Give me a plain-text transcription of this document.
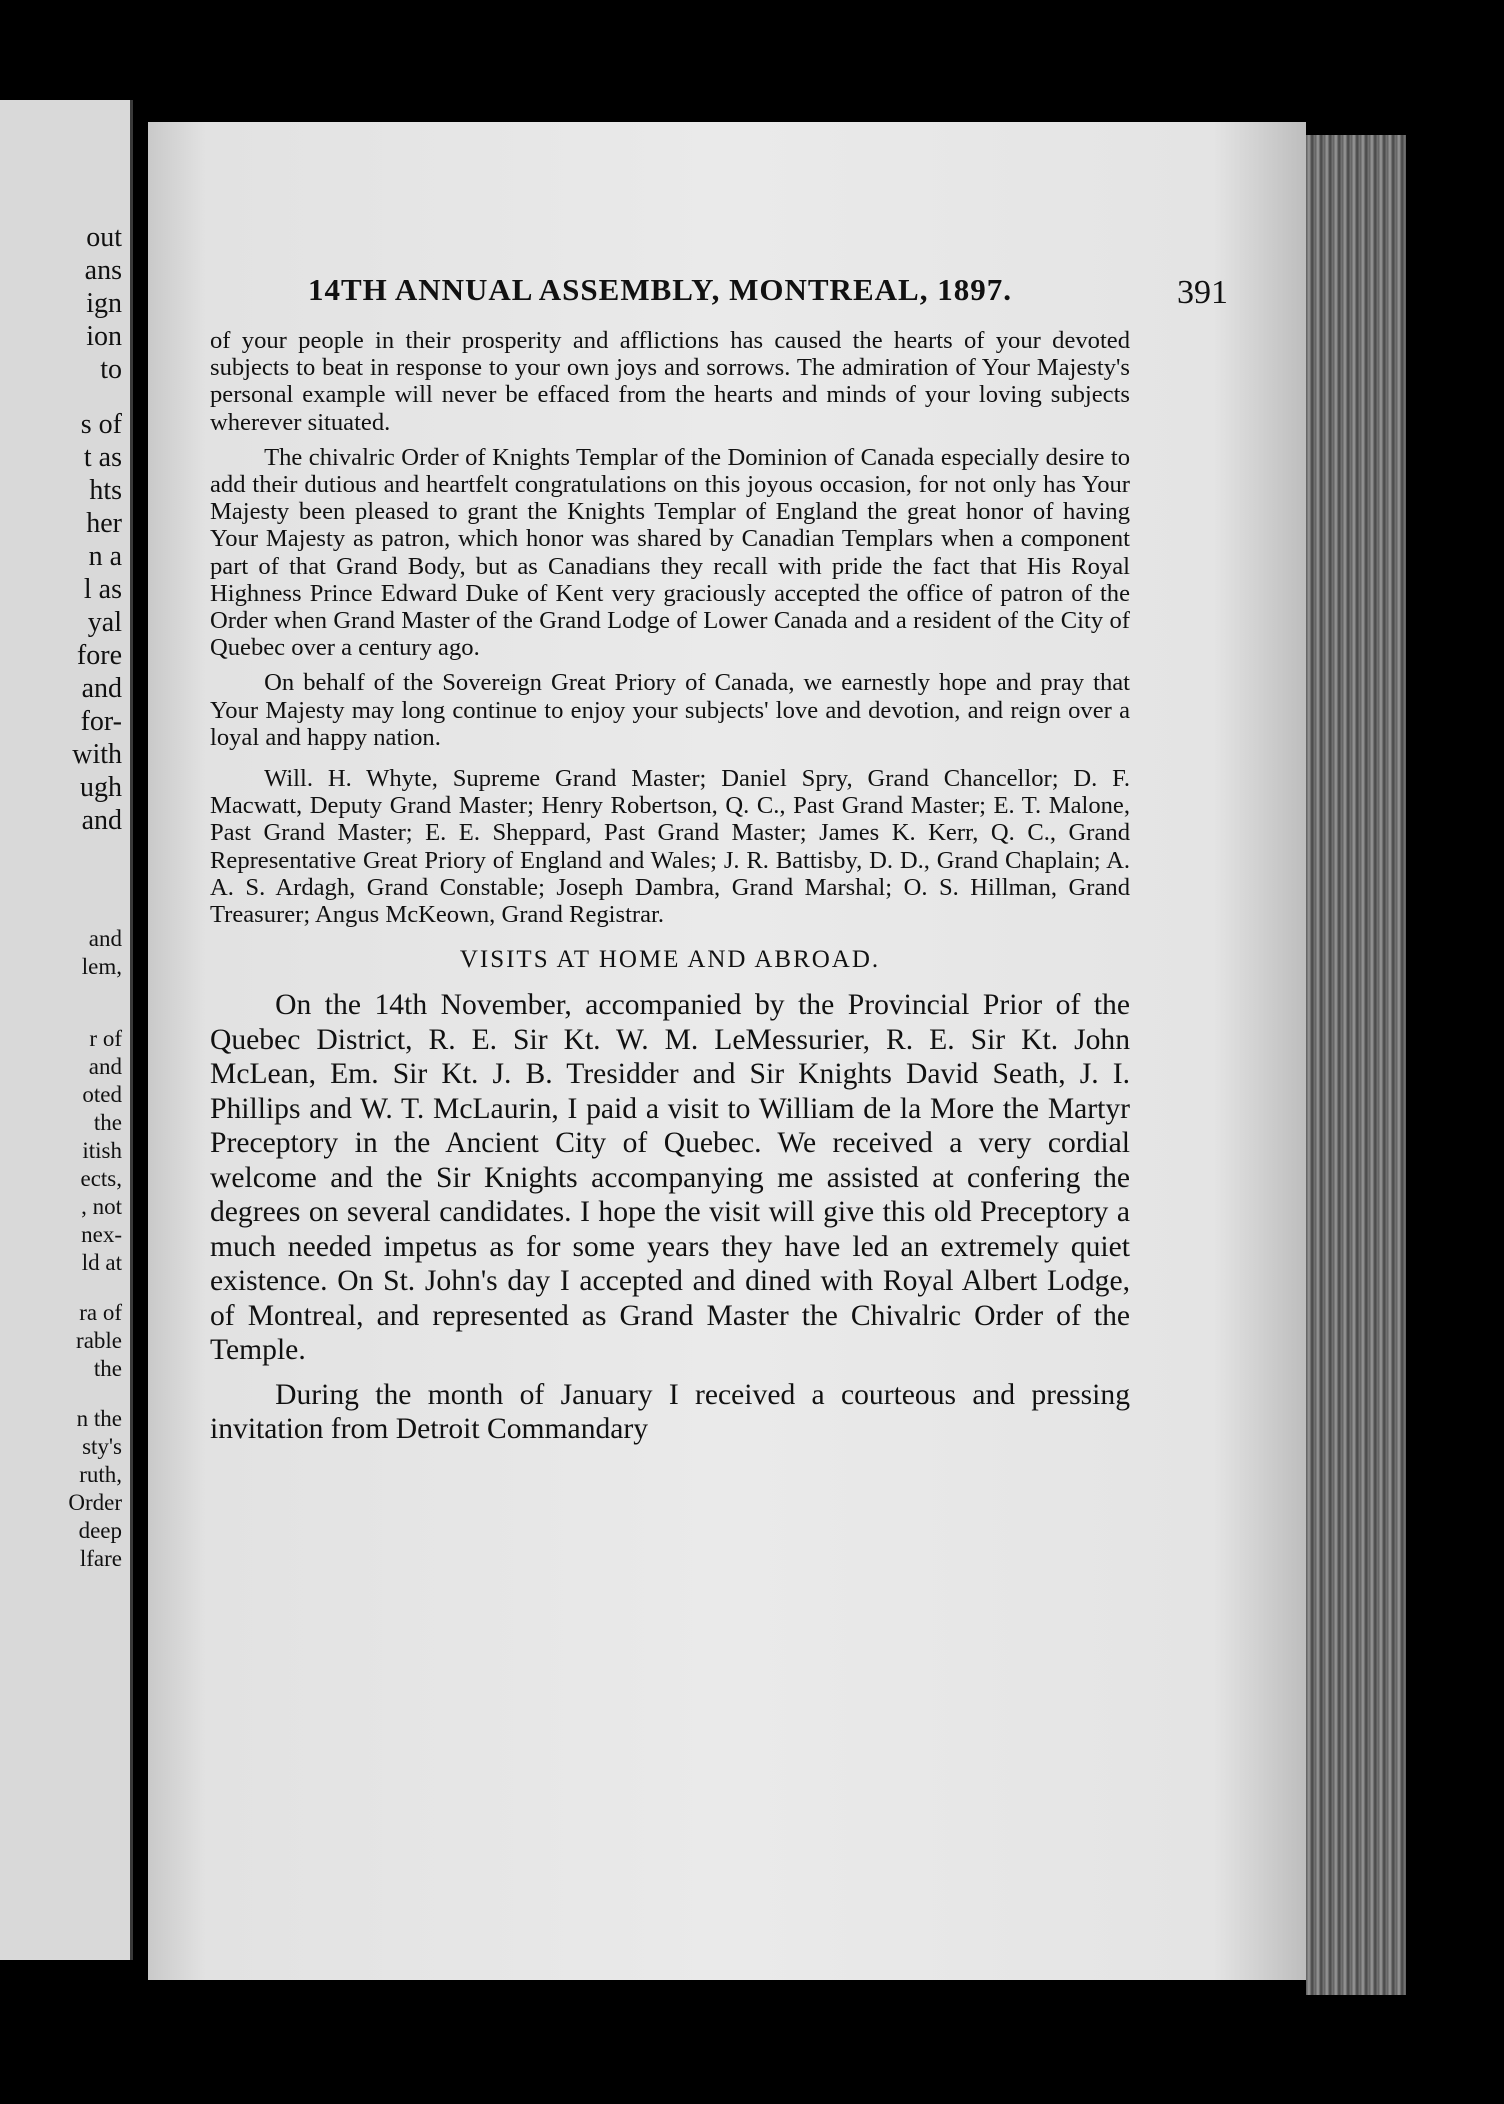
out

ans

ign

ion

to

s of

t as

hts

her

n a

l as

yal

fore

and

for-

with

ugh

and

and

lem,

r of

and

oted

the

itish

ects,

, not

nex-

ld at

ra of

rable

the

n the

sty's

ruth,

Order

deep

lfare

14TH ANNUAL ASSEMBLY, MONTREAL, 1897.	391

of your people in their prosperity and afflictions has caused the hearts of your devoted subjects to beat in response to your own joys and sorrows. The admiration of Your Majesty's personal example will never be effaced from the hearts and minds of your loving subjects wherever situated.

The chivalric Order of Knights Templar of the Dominion of Canada especially desire to add their dutious and heartfelt congratulations on this joyous occasion, for not only has Your Majesty been pleased to grant the Knights Templar of England the great honor of having Your Majesty as patron, which honor was shared by Canadian Templars when a component part of that Grand Body, but as Canadians they recall with pride the fact that His Royal Highness Prince Edward Duke of Kent very graciously accepted the office of patron of the Order when Grand Master of the Grand Lodge of Lower Canada and a resident of the City of Quebec over a century ago.

On behalf of the Sovereign Great Priory of Canada, we earnestly hope and pray that Your Majesty may long continue to enjoy your subjects' love and devotion, and reign over a loyal and happy nation.

Will. H. Whyte, Supreme Grand Master; Daniel Spry, Grand Chancellor; D. F. Macwatt, Deputy Grand Master; Henry Robertson, Q. C., Past Grand Master; E. T. Malone, Past Grand Master; E. E. Sheppard, Past Grand Master; James K. Kerr, Q. C., Grand Representative Great Priory of England and Wales; J. R. Battisby, D. D., Grand Chaplain; A. A. S. Ardagh, Grand Constable; Joseph Dambra, Grand Marshal; O. S. Hillman, Grand Treasurer; Angus McKeown, Grand Registrar.

VISITS AT HOME AND ABROAD.

On the 14th November, accompanied by the Provincial Prior of the Quebec District, R. E. Sir Kt. W. M. LeMessurier, R. E. Sir Kt. John McLean, Em. Sir Kt. J. B. Tresidder and Sir Knights David Seath, J. I. Phillips and W. T. McLaurin, I paid a visit to William de la More the Martyr Preceptory in the Ancient City of Quebec. We received a very cordial welcome and the Sir Knights accompanying me assisted at confering the degrees on several candidates. I hope the visit will give this old Preceptory a much needed impetus as for some years they have led an extremely quiet existence. On St. John's day I accepted and dined with Royal Albert Lodge, of Montreal, and represented as Grand Master the Chivalric Order of the Temple.

During the month of January I received a courteous and pressing invitation from Detroit Commandary
